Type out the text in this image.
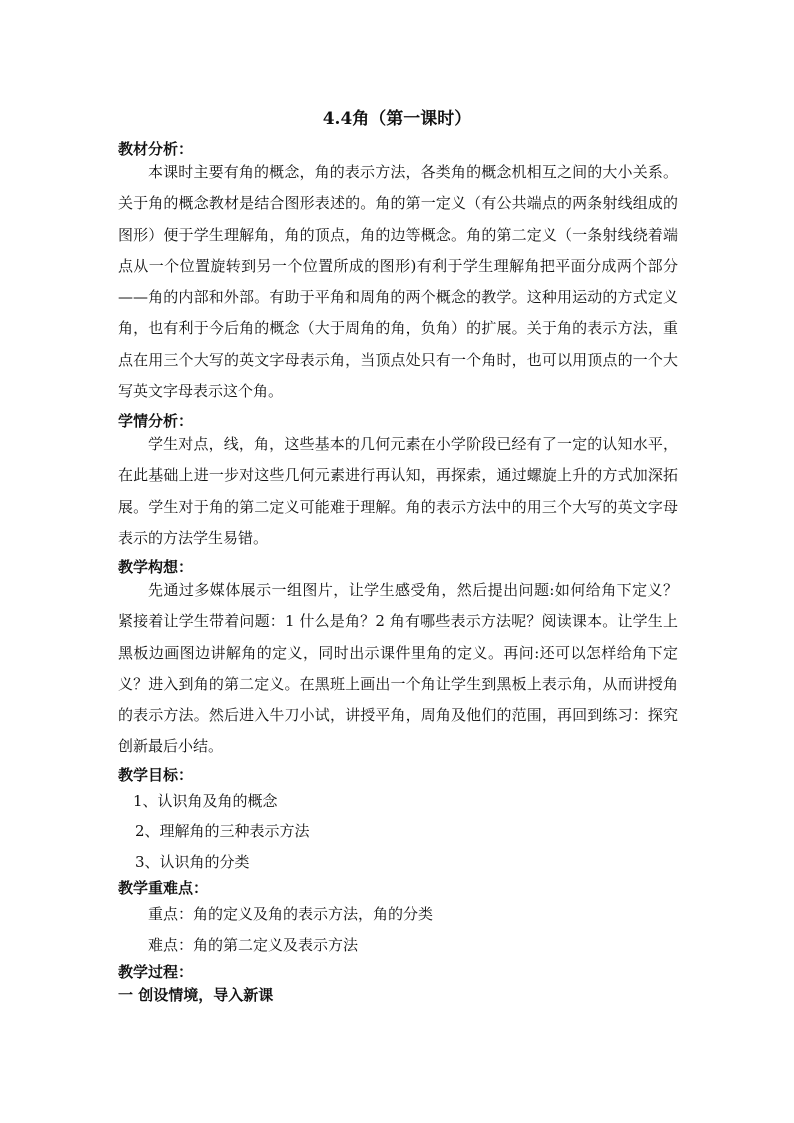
4.4角（第一课时）
教材分析：

本课时主要有角的概念，角的表示方法，各类角的概念机相互之间的大小关系。关于角的概念教材是结合图形表述的。角的第一定义（有公共端点的两条射线组成的图形）便于学生理解角，角的顶点，角的边等概念。角的第二定义（一条射线绕着端点从一个位置旋转到另一个位置所成的图形)有利于学生理解角把平面分成两个部分——角的内部和外部。有助于平角和周角的两个概念的教学。这种用运动的方式定义角，也有利于今后角的概念（大于周角的角，负角）的扩展。关于角的表示方法，重点在用三个大写的英文字母表示角，当顶点处只有一个角时，也可以用顶点的一个大写英文字母表示这个角。

学情分析：

学生对点，线，角，这些基本的几何元素在小学阶段已经有了一定的认知水平，在此基础上进一步对这些几何元素进行再认知，再探索，通过螺旋上升的方式加深拓展。学生对于角的第二定义可能难于理解。角的表示方法中的用三个大写的英文字母表示的方法学生易错。

教学构想：

先通过多媒体展示一组图片，让学生感受角，然后提出问题:如何给角下定义？紧接着让学生带着问题：1 什么是角？2 角有哪些表示方法呢？阅读课本。让学生上黑板边画图边讲解角的定义，同时出示课件里角的定义。再问:还可以怎样给角下定义？进入到角的第二定义。在黑班上画出一个角让学生到黑板上表示角，从而讲授角的表示方法。然后进入牛刀小试，讲授平角，周角及他们的范围，再回到练习：探究创新最后小结。

教学目标：
1、认识角及角的概念
2、理解角的三种表示方法
3、认识角的分类
教学重难点：
重点：角的定义及角的表示方法，角的分类
难点：角的第二定义及表示方法
教学过程：
一 创设情境，导入新课
